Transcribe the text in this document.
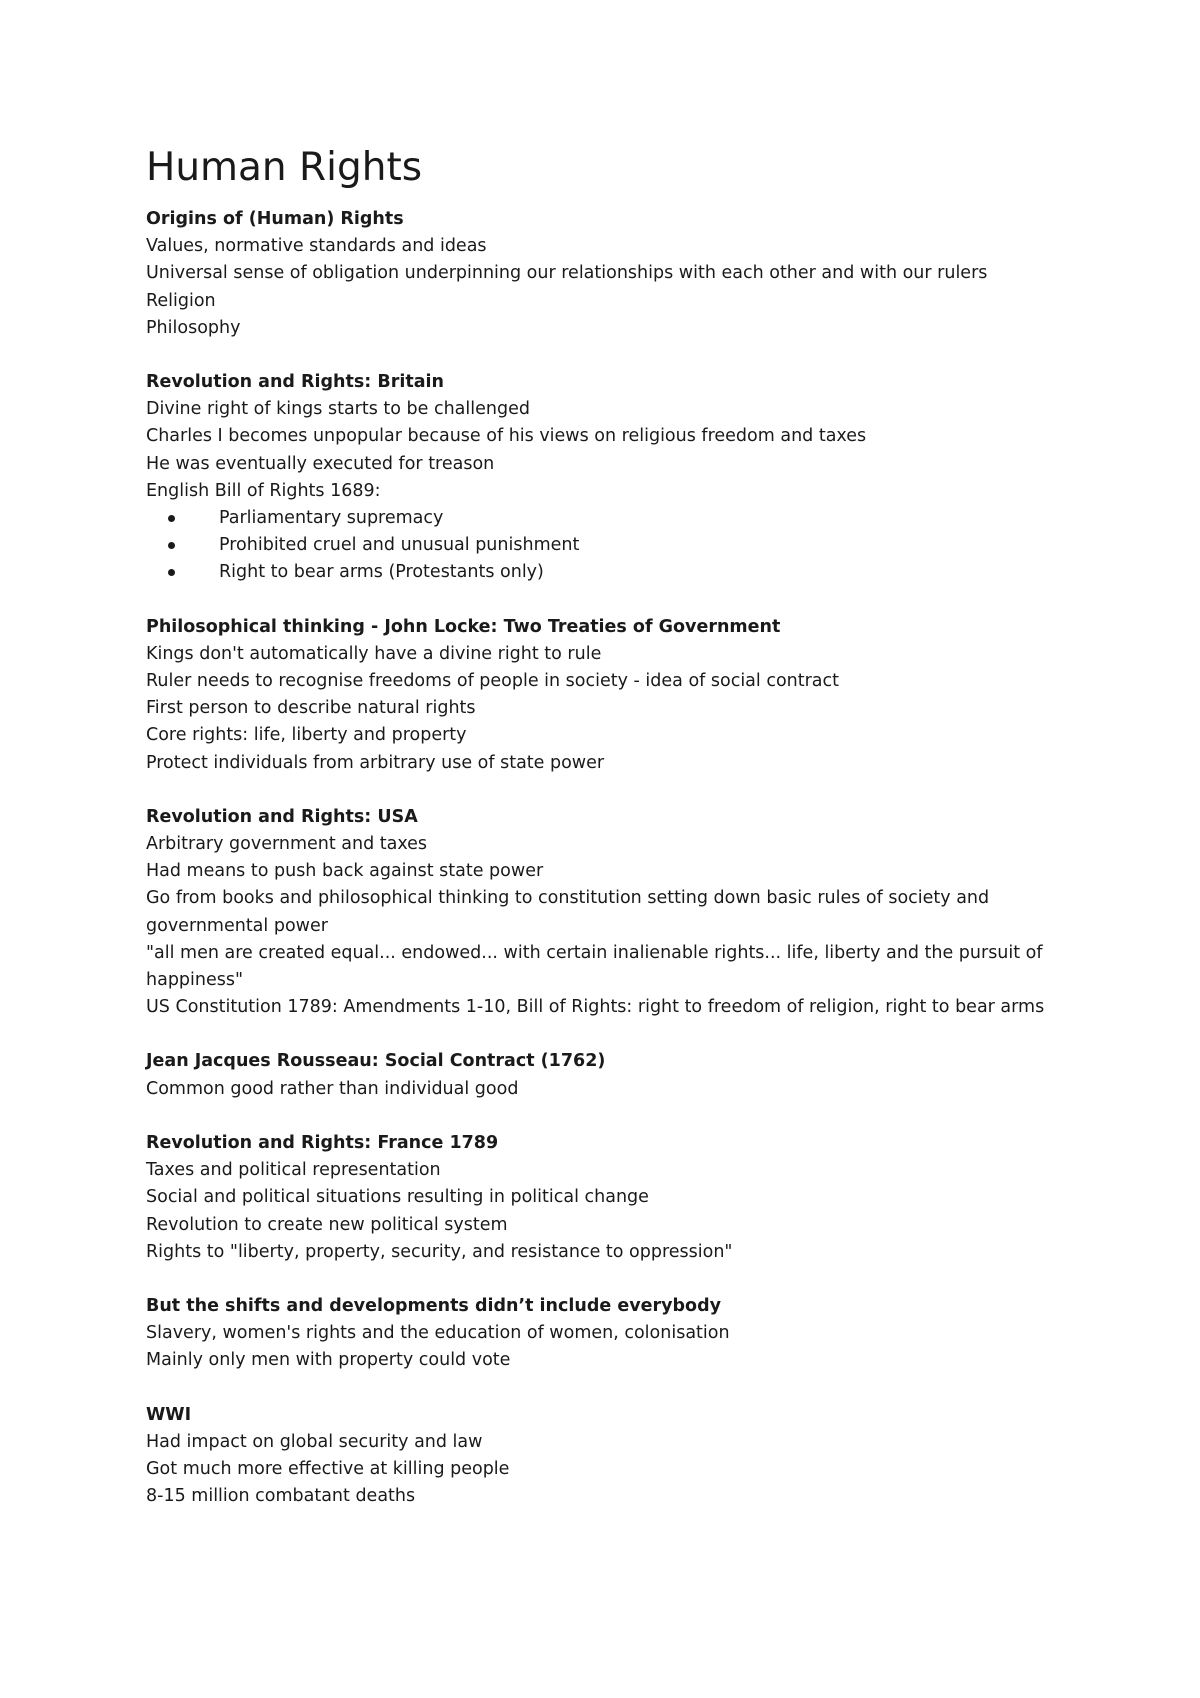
Human Rights

Origins of (Human) Rights

Values, normative standards and ideas

Universal sense of obligation underpinning our relationships with each other and with our rulers

Religion

Philosophy

Revolution and Rights: Britain

Divine right of kings starts to be challenged

Charles I becomes unpopular because of his views on religious freedom and taxes

He was eventually executed for treason

English Bill of Rights 1689:

Parliamentary supremacy
Prohibited cruel and unusual punishment
Right to bear arms (Protestants only)

Philosophical thinking - John Locke: Two Treaties of Government

Kings don't automatically have a divine right to rule

Ruler needs to recognise freedoms of people in society - idea of social contract

First person to describe natural rights

Core rights: life, liberty and property

Protect individuals from arbitrary use of state power

Revolution and Rights: USA

Arbitrary government and taxes

Had means to push back against state power

Go from books and philosophical thinking to constitution setting down basic rules of society and governmental power

"all men are created equal... endowed... with certain inalienable rights... life, liberty and the pursuit of happiness"

US Constitution 1789: Amendments 1-10, Bill of Rights: right to freedom of religion, right to bear arms

Jean Jacques Rousseau: Social Contract (1762)

Common good rather than individual good

Revolution and Rights: France 1789

Taxes and political representation

Social and political situations resulting in political change

Revolution to create new political system

Rights to "liberty, property, security, and resistance to oppression"

But the shifts and developments didn’t include everybody

Slavery, women's rights and the education of women, colonisation

Mainly only men with property could vote

WWI

Had impact on global security and law

Got much more effective at killing people

8-15 million combatant deaths
